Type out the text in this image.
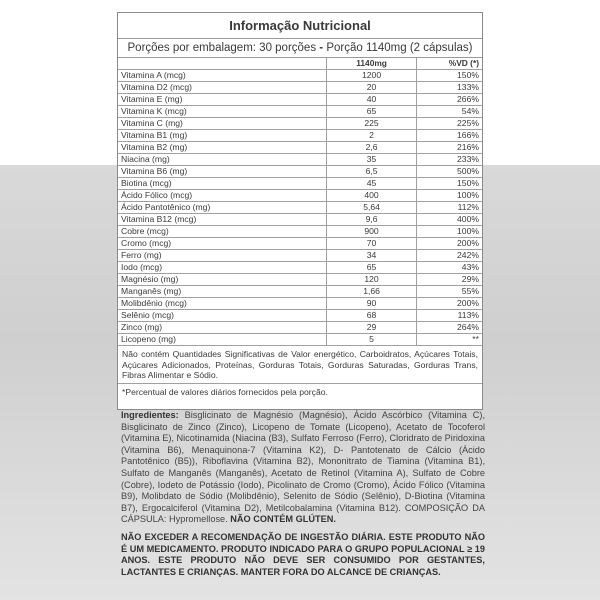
Informação Nutricional
Porções por embalagem: 30 porções - Porção 1140mg (2 cápsulas)
	1140mg	%VD (*)
Vitamina A (mcg)	1200	150%
Vitamina D2 (mcg)	20	133%
Vitamina E (mg)	40	266%
Vitamina K (mcg)	65	54%
Vitamina C (mg)	225	225%
Vitamina B1 (mg)	2	166%
Vitamina B2 (mg)	2,6	216%
Niacina (mg)	35	233%
Vitamina B6 (mg)	6,5	500%
Biotina (mcg)	45	150%
Ácido Fólico (mcg)	400	100%
Ácido Pantotênico (mg)	5,64	112%
Vitamina B12 (mcg)	9,6	400%
Cobre (mcg)	900	100%
Cromo (mcg)	70	200%
Ferro (mg)	34	242%
Iodo (mcg)	65	43%
Magnésio (mg)	120	29%
Manganês (mg)	1,66	55%
Molibdênio (mcg)	90	200%
Selênio (mcg)	68	113%
Zinco (mg)	29	264%
Licopeno (mg)	5	**
Não contém Quantidades Significativas de Valor energético, Carboidratos, Açúcares Totais, Açúcares Adicionados, Proteínas, Gorduras Totais, Gorduras Saturadas, Gorduras Trans, Fibras Alimentar e Sódio.
*Percentual de valores diários fornecidos pela porção.
Ingredientes: Bisglicinato de Magnésio (Magnésio), Ácido Ascórbico (Vitamina C), Bisglicinato de Zinco (Zinco), Licopeno de Tomate (Licopeno), Acetato de Tocoferol (Vitamina E), Nicotinamida (Niacina (B3), Sulfato Ferroso (Ferro), Cloridrato de Piridoxina (Vitamina B6), Menaquinona-7 (Vitamina K2), D- Pantotenato de Cálcio (Ácido Pantotênico (B5)), Riboflavina (Vitamina B2), Mononitrato de Tiamina (Vitamina B1), Sulfato de Manganês (Manganês), Acetato de Retinol (Vitamina A), Sulfato de Cobre (Cobre), Iodeto de Potássio (Iodo), Picolinato de Cromo (Cromo), Ácido Fólico (Vitamina B9), Molibdato de Sódio (Molibdênio), Selenito de Sódio (Selênio), D-Biotina (Vitamina B7), Ergocalciferol (Vitamina D2), Metilcobalamina (Vitamina B12). COMPOSIÇÃO DA CÁPSULA: Hypromellose. NÃO CONTÉM GLÚTEN.
NÃO EXCEDER A RECOMENDAÇÃO DE INGESTÃO DIÁRIA. ESTE PRODUTO NÃO É UM MEDICAMENTO. PRODUTO INDICADO PARA O GRUPO POPULACIONAL ≥ 19 ANOS. ESTE PRODUTO NÃO DEVE SER CONSUMIDO POR GESTANTES, LACTANTES E CRIANÇAS. MANTER FORA DO ALCANCE DE CRIANÇAS.
